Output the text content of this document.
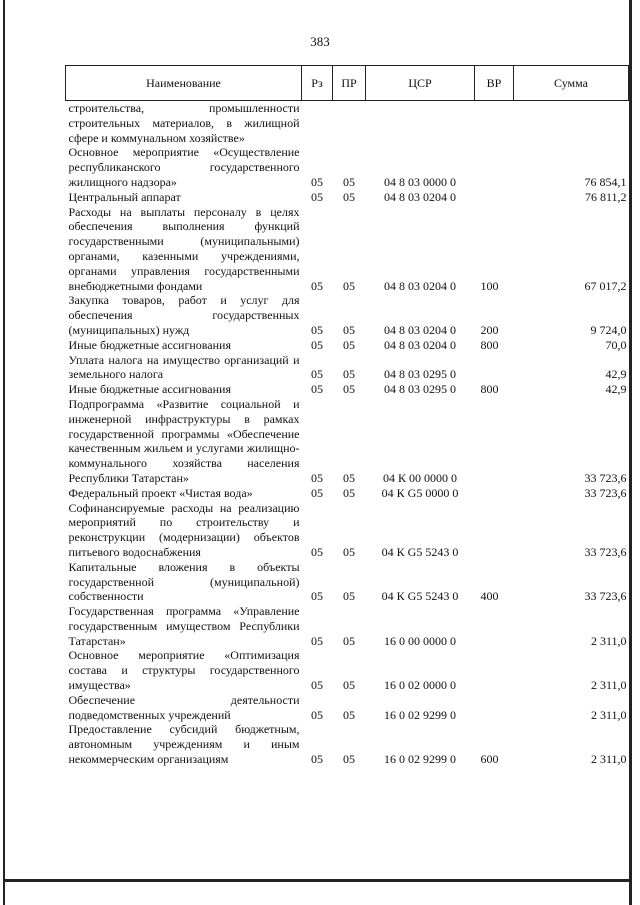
383
Наименование	Рз	ПР	ЦСР	ВР	Сумма
строительства, промышленности строительных материалов, в жилищной сфере и коммунальном хозяйстве»					
Основное мероприятие «Осуществление республиканского государственного жилищного надзора»	05	05	04 8 03 0000 0		76 854,1
Центральный аппарат	05	05	04 8 03 0204 0		76 811,2
Расходы на выплаты персоналу в целях обеспечения выполнения функций государственными (муниципальными) органами, казенными учреждениями, органами управления государственными внебюджетными фондами	05	05	04 8 03 0204 0	100	67 017,2
Закупка товаров, работ и услуг для обеспечения государственных (муниципальных) нужд	05	05	04 8 03 0204 0	200	9 724,0
Иные бюджетные ассигнования	05	05	04 8 03 0204 0	800	70,0
Уплата налога на имущество организаций и земельного налога	05	05	04 8 03 0295 0		42,9
Иные бюджетные ассигнования	05	05	04 8 03 0295 0	800	42,9
Подпрограмма «Развитие социальной и инженерной инфраструктуры в рамках государственной программы «Обеспечение качественным жильем и услугами жилищно-коммунального хозяйства населения Республики Татарстан»	05	05	04 К 00 0000 0		33 723,6
Федеральный проект «Чистая вода»	05	05	04 К G5 0000 0		33 723,6
Софинансируемые расходы на реализацию мероприятий по строительству и реконструкции (модернизации) объектов питьевого водоснабжения	05	05	04 К G5 5243 0		33 723,6
Капитальные вложения в объекты государственной (муниципальной) собственности	05	05	04 К G5 5243 0	400	33 723,6
Государственная программа «Управление государственным имуществом Республики Татарстан»	05	05	16 0 00 0000 0		2 311,0
Основное мероприятие «Оптимизация состава и структуры государственного имущества»	05	05	16 0 02 0000 0		2 311,0
Обеспечение деятельности подведомственных учреждений	05	05	16 0 02 9299 0		2 311,0
Предоставление субсидий бюджетным, автономным учреждениям и иным некоммерческим организациям	05	05	16 0 02 9299 0	600	2 311,0
